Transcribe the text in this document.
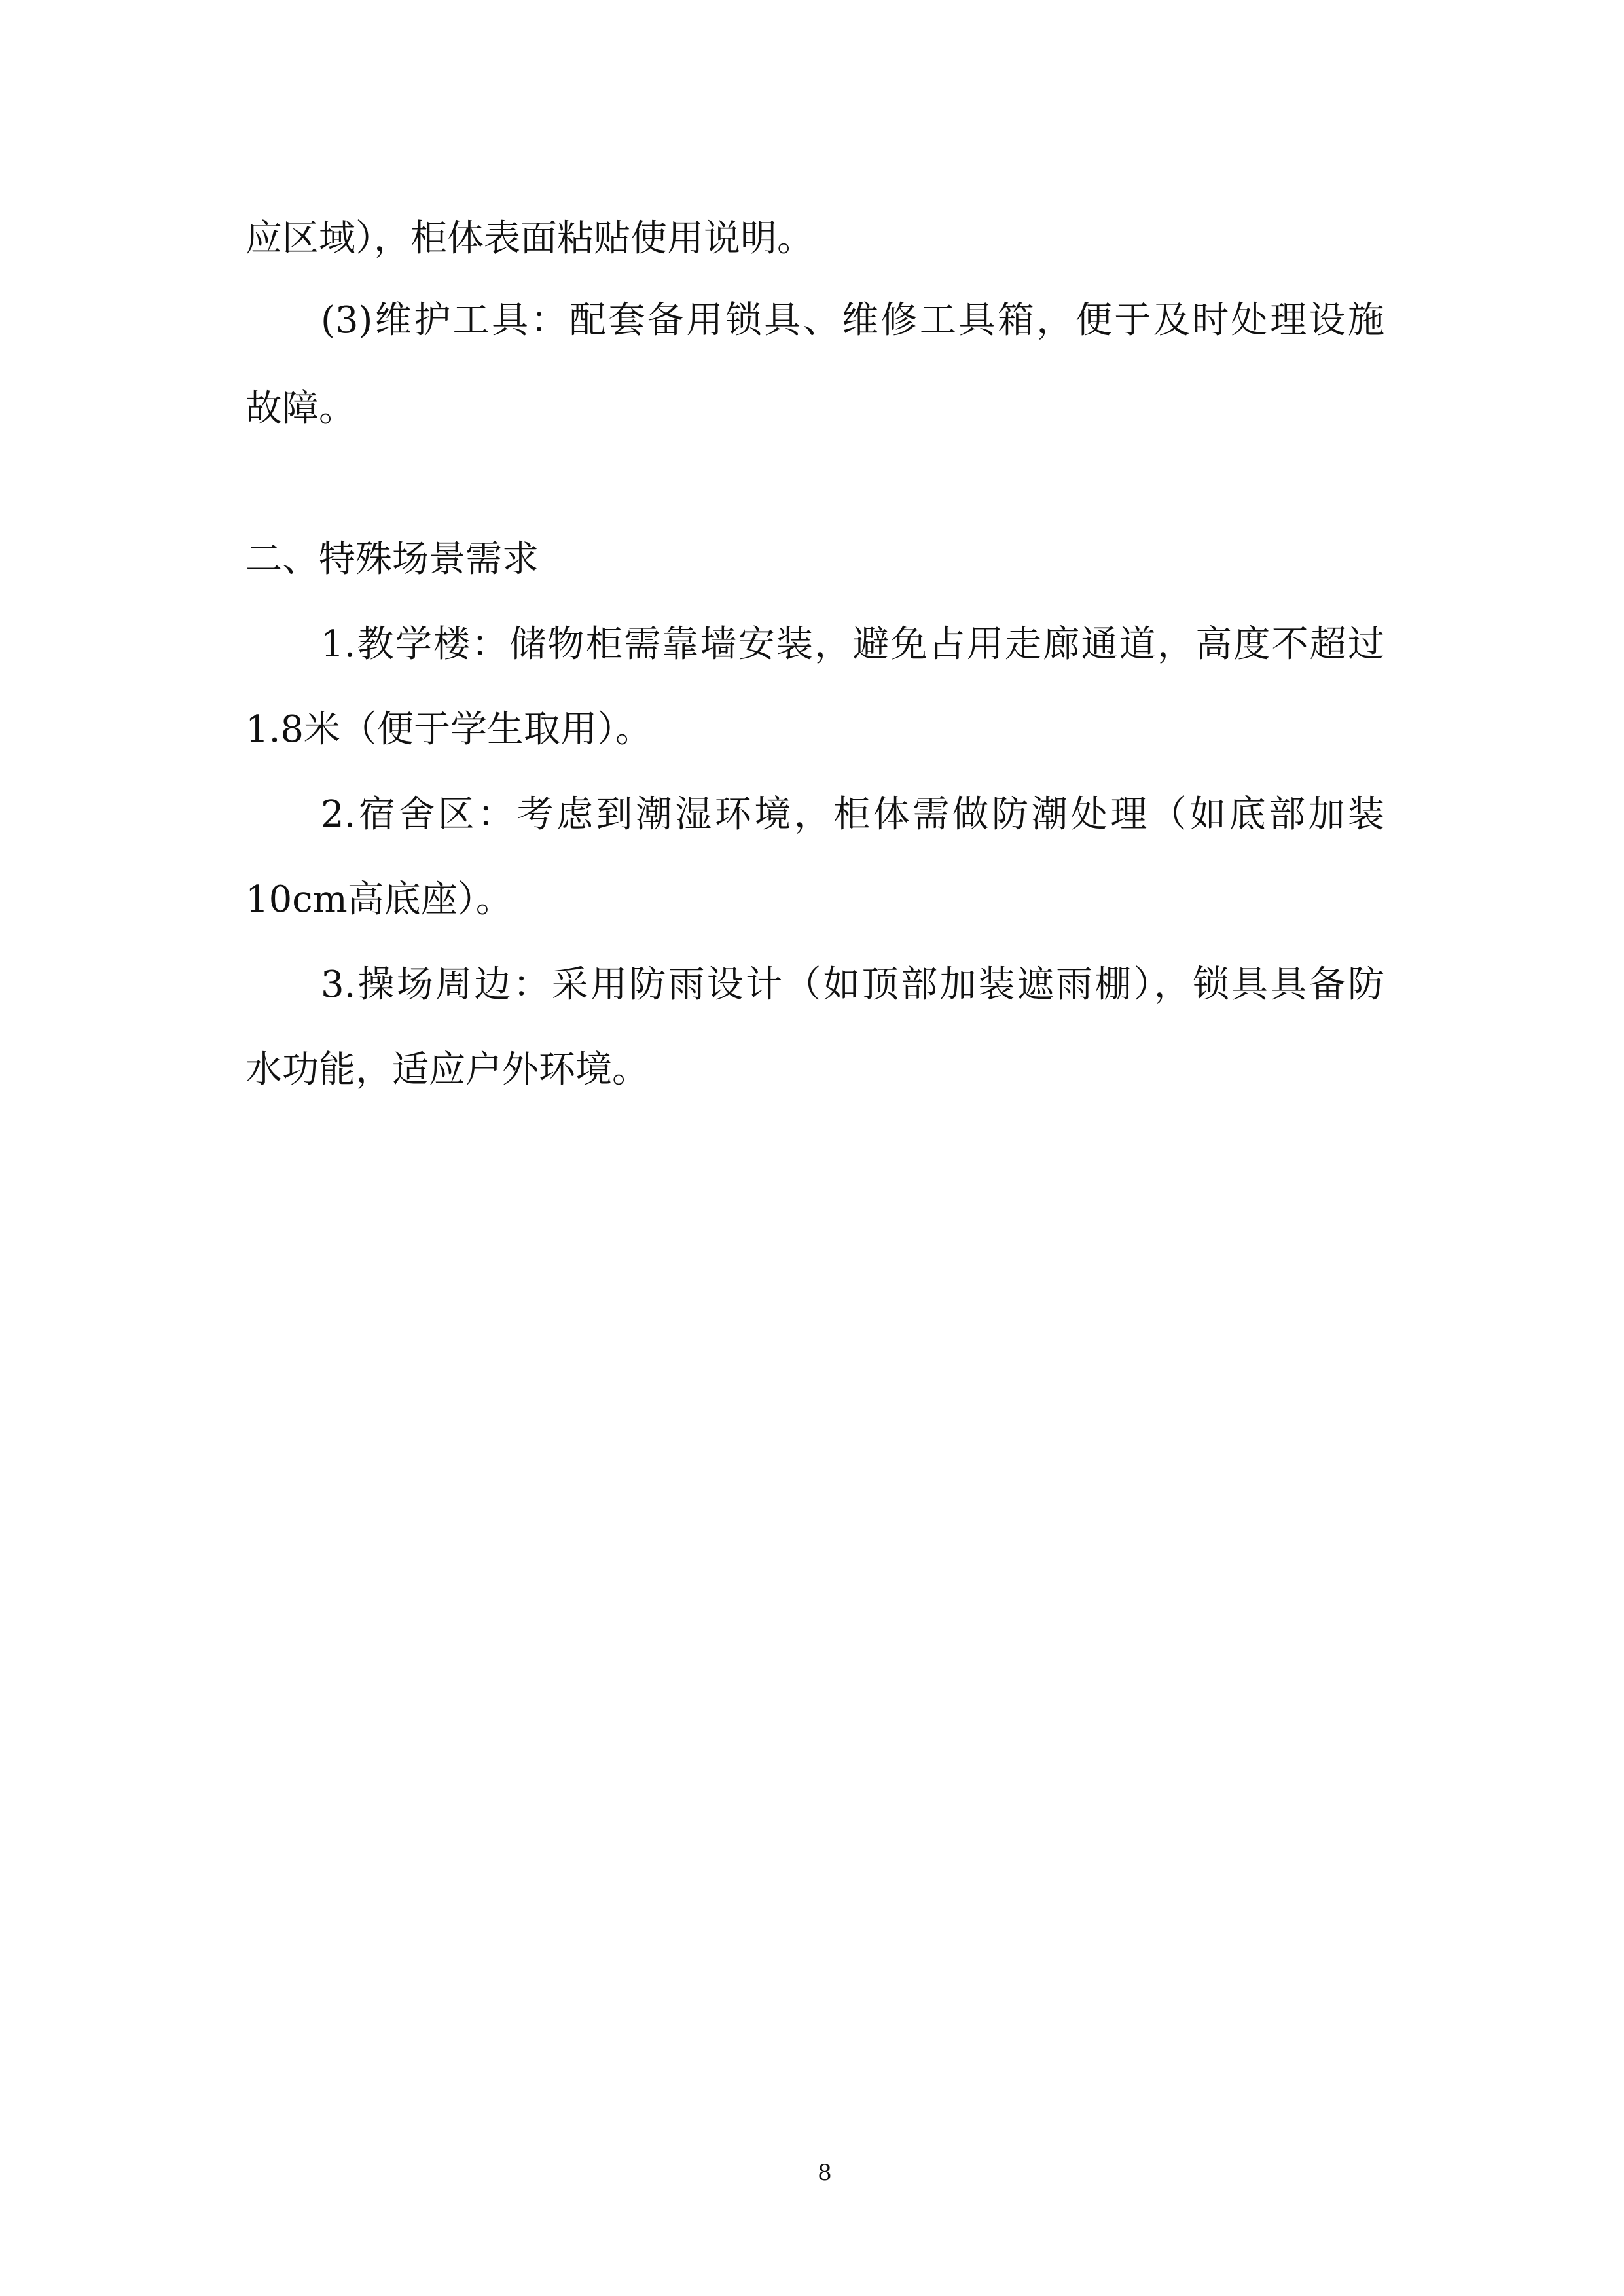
应区域），柜体表面粘贴使用说明。
(3)维护工具：配套备用锁具、维修工具箱，便于及时处理设施
故障。
二、特殊场景需求
1.教学楼：储物柜需靠墙安装，避免占用走廊通道，高度不超过
1.8米（便于学生取用）。
2.宿舍区：考虑到潮湿环境，柜体需做防潮处理（如底部加装
10cm高底座）。
3.操场周边：采用防雨设计（如顶部加装遮雨棚），锁具具备防
水功能，适应户外环境。
8
